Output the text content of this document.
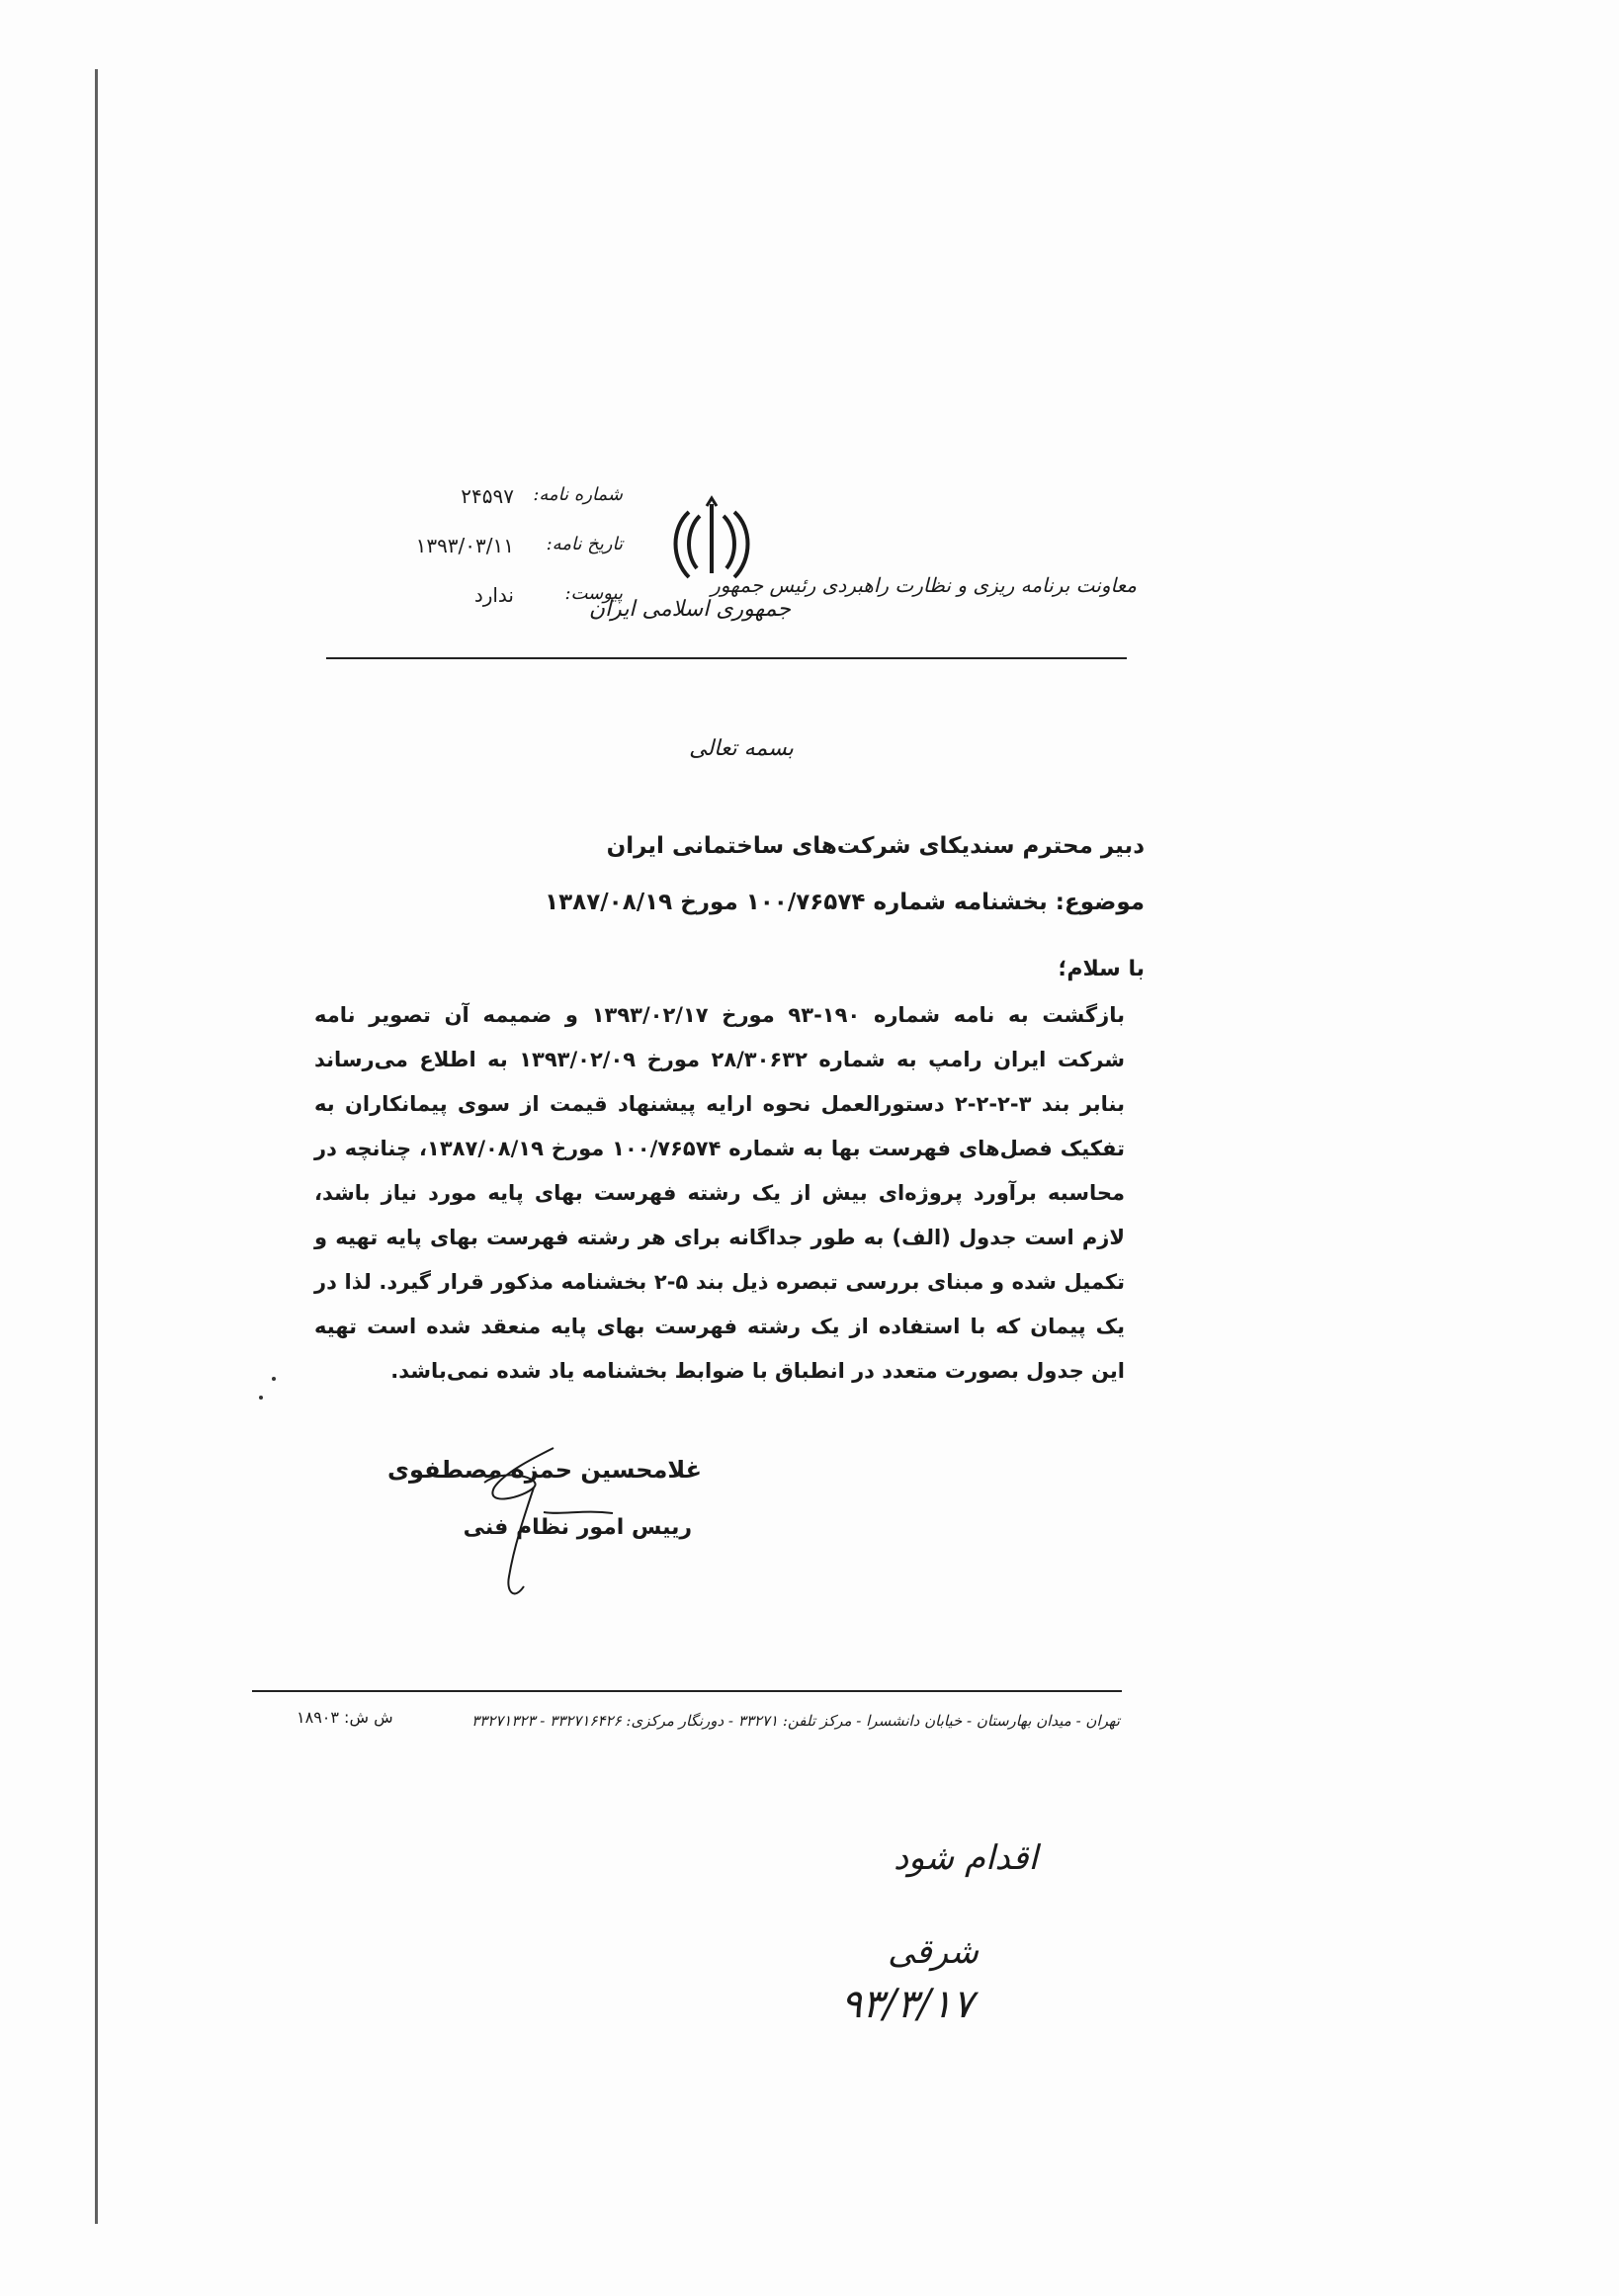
شماره نامه:
۲۴۵۹۷
تاریخ نامه:
۱۳۹۳/۰۳/۱۱
پیوست:
ندارد
جمهوری اسلامی ایران
معاونت برنامه ریزی و نظارت راهبردی رئیس جمهور
بسمه تعالی
دبیر محترم سندیکای شرکت‌های ساختمانی ایران
موضوع: بخشنامه شماره ۱۰۰/۷۶۵۷۴ مورخ ۱۳۸۷/۰۸/۱۹
با سلام؛
بازگشت به نامه شماره ۱۹۰-۹۳ مورخ ۱۳۹۳/۰۲/۱۷ و ضمیمه آن تصویر نامه شرکت ایران رامپ به شماره ۲۸/۳۰۶۳۲ مورخ ۱۳۹۳/۰۲/۰۹ به اطلاع می‌رساند بنابر بند ۳-۲-۲-۲ دستورالعمل نحوه ارایه پیشنهاد قیمت از سوی پیمانکاران به تفکیک فصل‌های فهرست بها به شماره ۱۰۰/۷۶۵۷۴ مورخ ۱۳۸۷/۰۸/۱۹، چنانچه در محاسبه برآورد پروژه‌ای بیش از یک رشته فهرست بهای پایه مورد نیاز باشد، لازم است جدول (الف) به طور جداگانه برای هر رشته فهرست بهای پایه تهیه و تکمیل شده و مبنای بررسی تبصره ذیل بند ۵-۲ بخشنامه مذکور قرار گیرد. لذا در یک پیمان که با استفاده از یک رشته فهرست بهای پایه منعقد شده است تهیه این جدول بصورت متعدد در انطباق با ضوابط بخشنامه یاد شده نمی‌باشد.
غلامحسین حمزه مصطفوی
رییس امور نظام فنی
تهران - میدان بهارستان - خیابان دانشسرا - مرکز تلفن: ۳۳۲۷۱ - دورنگار مرکزی: ۳۳۲۷۱۶۴۲۶ - ۳۳۲۷۱۳۲۳
ش ش: ۱۸۹۰۳
اقدام شود
شرقی
۹۳/۳/۱۷
